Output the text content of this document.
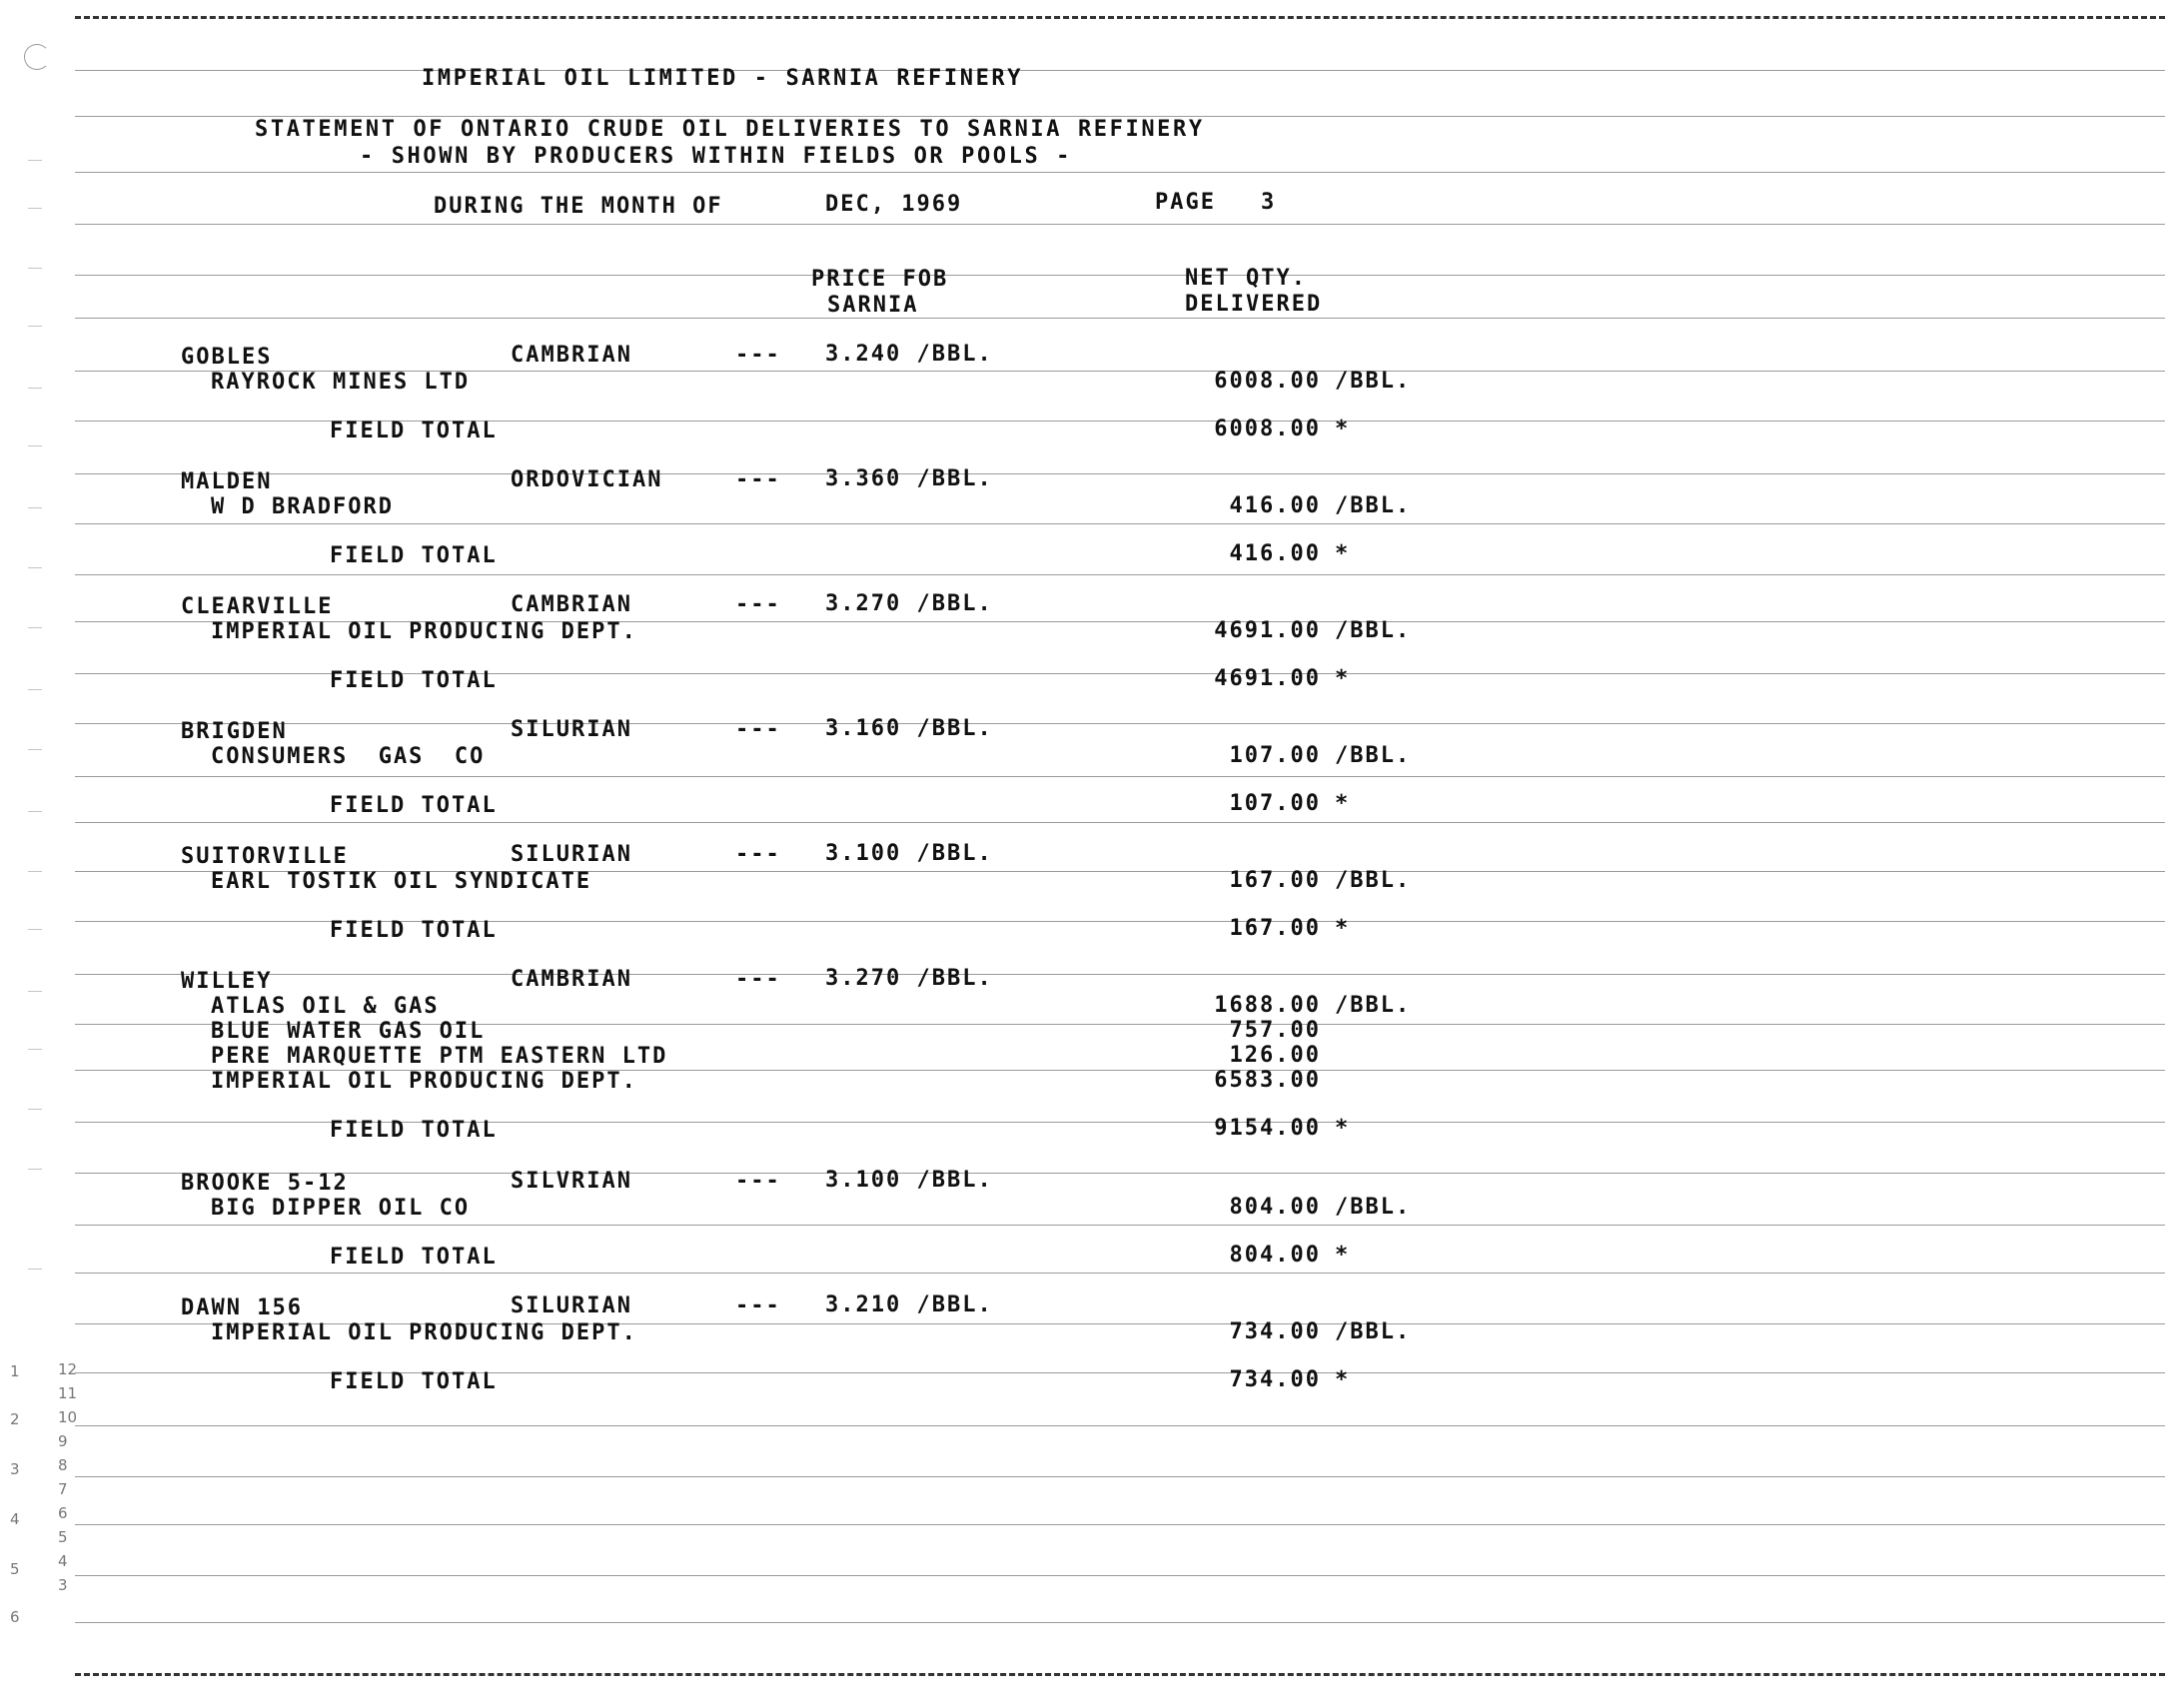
1
2
3
4
5
6
12
11
10
9
8
7
6
5
4
3
IMPERIAL OIL LIMITED - SARNIA REFINERY
STATEMENT OF ONTARIO CRUDE OIL DELIVERIES TO SARNIA REFINERY
- SHOWN BY PRODUCERS WITHIN FIELDS OR POOLS -
DURING THE MONTH OF	DEC, 1969	PAGE 3
PRICE FOB
SARNIA
NET QTY.
DELIVERED
GOBLES	CAMBRIAN	--- 3.240 /BBL.
RAYROCK MINES LTD	6008.00 /BBL.
FIELD TOTAL	6008.00 *
MALDEN	ORDOVICIAN	--- 3.360 /BBL.
W D BRADFORD	416.00 /BBL.
FIELD TOTAL	416.00 *
CLEARVILLE	CAMBRIAN	--- 3.270 /BBL.
IMPERIAL OIL PRODUCING DEPT.	4691.00 /BBL.
FIELD TOTAL	4691.00 *
BRIGDEN	SILURIAN	--- 3.160 /BBL.
CONSUMERS  GAS  CO	107.00 /BBL.
FIELD TOTAL	107.00 *
SUITORVILLE	SILURIAN	--- 3.100 /BBL.
EARL TOSTIK OIL SYNDICATE	167.00 /BBL.
FIELD TOTAL	167.00 *
WILLEY	CAMBRIAN	--- 3.270 /BBL.
ATLAS OIL & GAS	1688.00 /BBL.
BLUE WATER GAS OIL	757.00
PERE MARQUETTE PTM EASTERN LTD	126.00
IMPERIAL OIL PRODUCING DEPT.	6583.00
FIELD TOTAL	9154.00 *
BROOKE 5-12	SILVRIAN	--- 3.100 /BBL.
BIG DIPPER OIL CO	804.00 /BBL.
FIELD TOTAL	804.00 *
DAWN 156	SILURIAN	--- 3.210 /BBL.
IMPERIAL OIL PRODUCING DEPT.	734.00 /BBL.
FIELD TOTAL	734.00 *
